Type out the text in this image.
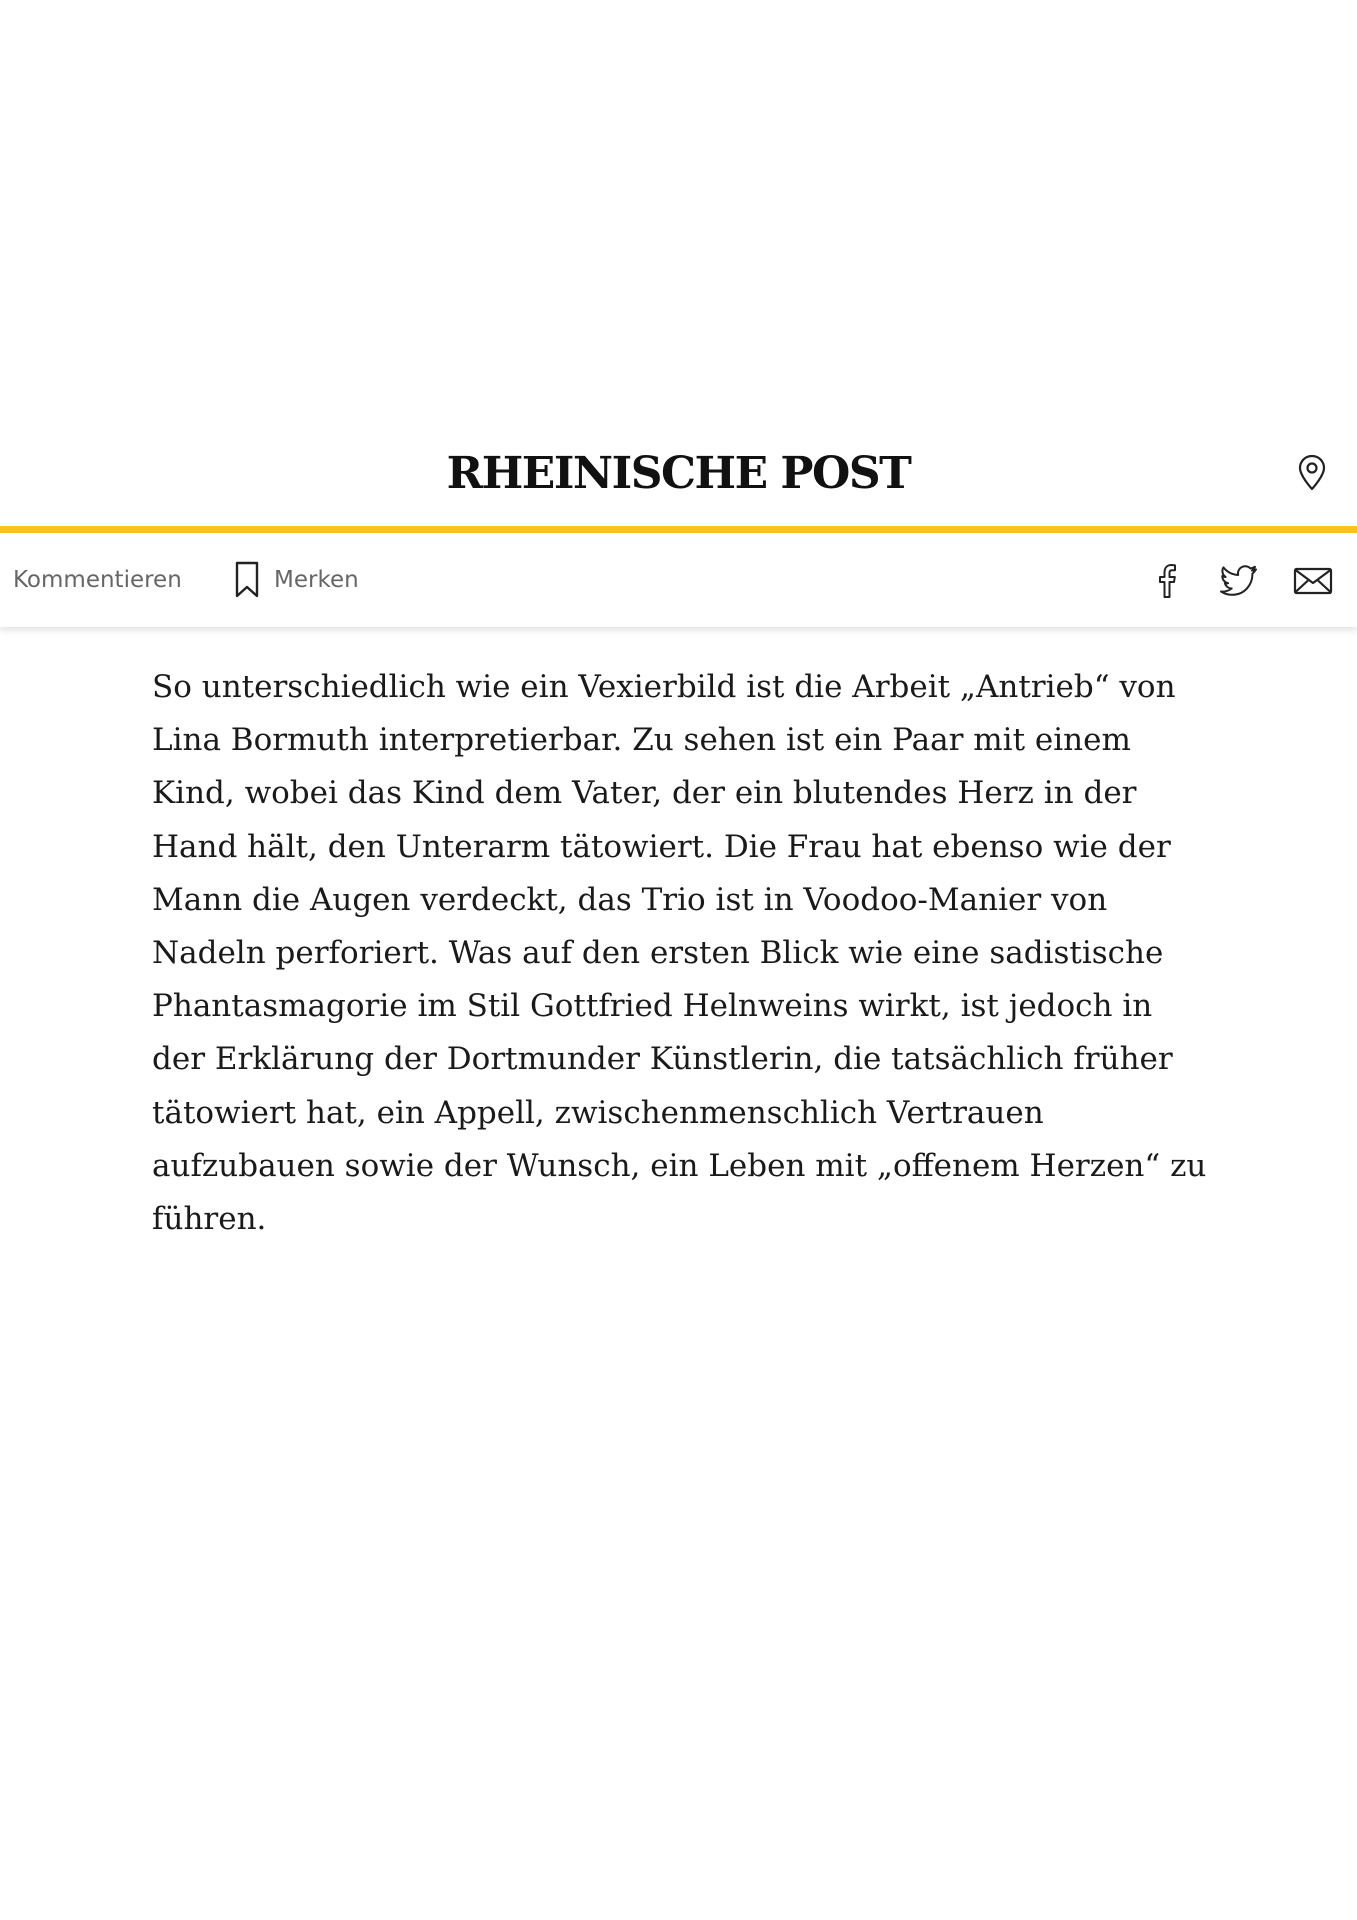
RHEINISCHE POST
Kommentieren	Merken

So unterschiedlich wie ein Vexierbild ist die Arbeit „Antrieb“ von Lina Bormuth interpretierbar. Zu sehen ist ein Paar mit einem Kind, wobei das Kind dem Vater, der ein blutendes Herz in der Hand hält, den Unterarm tätowiert. Die Frau hat ebenso wie der Mann die Augen verdeckt, das Trio ist in Voodoo-Manier von Nadeln perforiert. Was auf den ersten Blick wie eine sadistische Phantasmagorie im Stil Gottfried Helnweins wirkt, ist jedoch in der Erklärung der Dortmunder Künstlerin, die tatsächlich früher tätowiert hat, ein Appell, zwischenmenschlich Vertrauen aufzubauen sowie der Wunsch, ein Leben mit „offenem Herzen“ zu führen.
